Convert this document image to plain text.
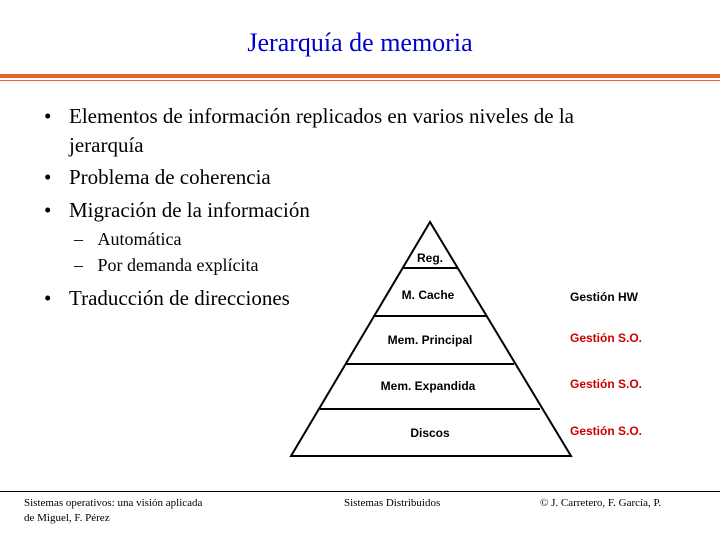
Jerarquía de memoria
• Elementos de información replicados en varios niveles de la
jerarquía
• Problema de coherencia
• Migración de la información
– Automática
– Por demanda explícita
• Traducción de direcciones
Reg.
M. Cache
Mem. Principal
Mem. Expandida
Discos
Gestión HW
Gestión S.O.
Gestión S.O.
Gestión S.O.
Sistemas operativos: una visión aplicada
de Miguel, F. Pérez
Sistemas Distribuidos	© J. Carretero, F. García, P.
